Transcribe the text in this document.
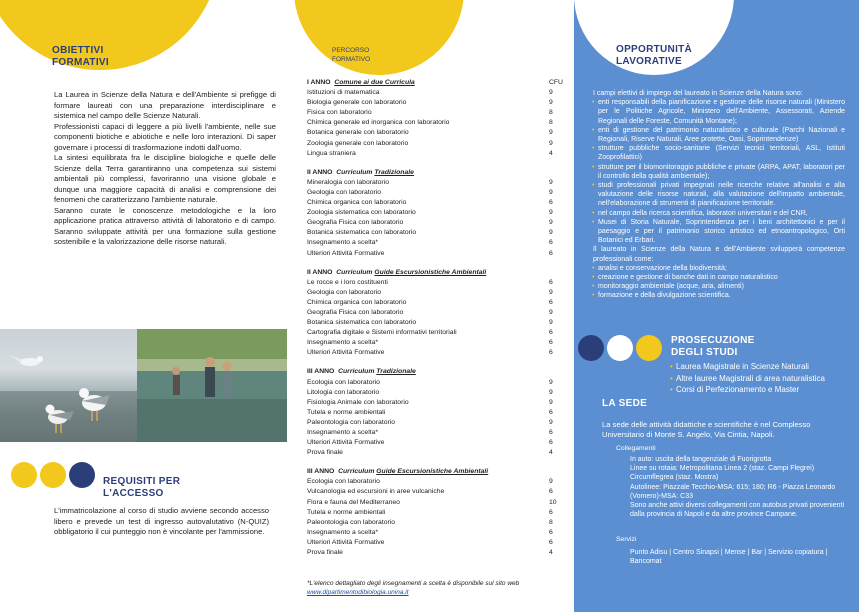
OBIETTIVI
FORMATIVI

La Laurea in Scienze della Natura e dell'Ambiente si prefigge di formare laureati con una preparazione interdisciplinare e sistemica nel campo delle Scienze Naturali.

Professionisti capaci di leggere a più livelli l'ambiente, nelle sue componenti biotiche e abiotiche e nelle loro interazioni. Di saper governare i processi di trasformazione indotti dall'uomo.

La sintesi equilibrata fra le discipline biologiche e quelle delle Scienze della Terra garantiranno una competenza sui sistemi ambientali più complessi, favoriranno una visione globale e dunque una maggiore capacità di analisi e comprensione dei fenomeni che caratterizzano l'ambiente naturale.

Saranno curate le conoscenze metodologiche e la loro applicazione pratica attraverso attività di laboratorio e di campo. Saranno sviluppate attività per una formazione sulla gestione sostenibile e la valorizzazione delle risorse naturali.

REQUISITI PER
L'ACCESSO
L'immatricolazione al corso di studio avviene secondo accesso libero e prevede un test di ingresso autovalutativo (N-QUIZ) obbligatorio il cui punteggio non è vincolante per l'ammissione.
PERCORSO
FORMATIVO
I ANNO Comune ai due Curricula	CFU
Istituzioni di matematica	9
Biologia generale con laboratorio	9
Fisica con laboratorio	8
Chimica generale ed inorganica con laboratorio	8
Botanica generale con laboratorio	9
Zoologia generale con laboratorio	9
Lingua straniera	4
II ANNO Curriculum Tradizionale
Mineralogia con laboratorio	9
Geologia con laboratorio	9
Chimica organica con laboratorio	6
Zoologia sistematica con laboratorio	9
Geografia Fisica con laboratorio	9
Botanica sistematica con laboratorio	9
Insegnamento a scelta*	6
Ulteriori Attività Formative	6
II ANNO Curriculum Guide Escursionistiche Ambientali
Le rocce e i loro costituenti	6
Geologia con laboratorio	9
Chimica organica con laboratorio	6
Geografia Fisica con laboratorio	9
Botanica sistematica con laboratorio	9
Cartografia digitale e Sistemi informativi territoriali	6
Insegnamento a scelta*	6
Ulteriori Attività Formative	6
III ANNO Curriculum Tradizionale
Ecologia con laboratorio	9
Litologia con laboratorio	9
Fisiologia Animale con laboratorio	9
Tutela e norme ambientali	6
Paleontologia con laboratorio	9
Insegnamento a scelta*	6
Ulteriori Attività Formative	6
Prova finale	4
III ANNO Curriculum Guide Escursionistiche Ambientali
Ecologia con laboratorio	9
Vulcanologia ed escursioni in aree vulcaniche	6
Flora e fauna del Mediterraneo	10
Tutela e norme ambientali	6
Paleontologia con laboratorio	8
Insegnamento a scelta*	6
Ulteriori Attività Formative	6
Prova finale	4
*L'elenco dettagliato degli insegnamenti a scelta è disponibile sul sito web www.dipartimentodibiologia.unina.it
OPPORTUNITÀ
LAVORATIVE
I campi elettivi di impiego del laureato in Scienze della Natura sono:
• enti responsabili della pianificazione e gestione delle risorse naturali (Ministero per le Politiche Agricole, Ministero dell'Ambiente, Assessorati, Aziende Regionali delle Foreste, Comunità Montane);
• enti di gestione del patrimonio naturalistico e culturale (Parchi Nazionali e Regionali, Riserve Naturali, Aree protette, Oasi, Soprintendenze)
• strutture pubbliche socio-sanitarie (Servizi tecnici territoriali, ASL, Istituti Zooprofilattici)
• strutture per il biomonitoraggio pubbliche e private (ARPA, APAT, laboratori per il controllo della qualità ambientale);
• studi professionali privati impegnati nelle ricerche relative all'analisi e alla valutazione delle risorse naturali, alla valutazione dell'impatto ambientale, nell'elaborazione di strumenti di pianificazione territoriale.
• nel campo della ricerca scientifica, laboratori universitari e del CNR,
• Musei di Storia Naturale, Soprintendenza per i beni architettonici e per il paesaggio e per il patrimonio storico artistico ed etnoantropologico, Orti Botanici ed Erbari.
Il laureato in Scienze della Natura e dell'Ambiente svilupperà competenze professionali come:
• analisi e conservazione della biodiversità;
• creazione e gestione di banche dati in campo naturalistico
• monitoraggio ambientale (acque, aria, alimenti)
• formazione e della divulgazione scientifica.
PROSECUZIONE
DEGLI STUDI
• Laurea Magistrale in Scienze Naturali
• Altre lauree Magistrali di area naturalistica
• Corsi di Perfezionamento e Master
LA SEDE
La sede delle attività didattiche e scientifiche è nel Complesso Universitario di Monte S. Angelo, Via Cintia, Napoli.
Collegamenti
In auto: uscita della tangenziale di Fuorigrotta
Linee su rotaia: Metropolitana Linea 2 (staz. Campi Flegrei) Circumflegrea (staz. Mostra)
Autolinee: Piazzale Tecchio-MSA: 615; 180; R6 - Piazza Leonardo (Vomero)-MSA: C33
Sono anche attivi diversi collegamenti con autobus privati provenienti dalla provincia di Napoli e da altre province Campane.
Servizi
Punto Adisu | Centro Sinapsi | Mense | Bar | Servizio copiatura | Bancomat
